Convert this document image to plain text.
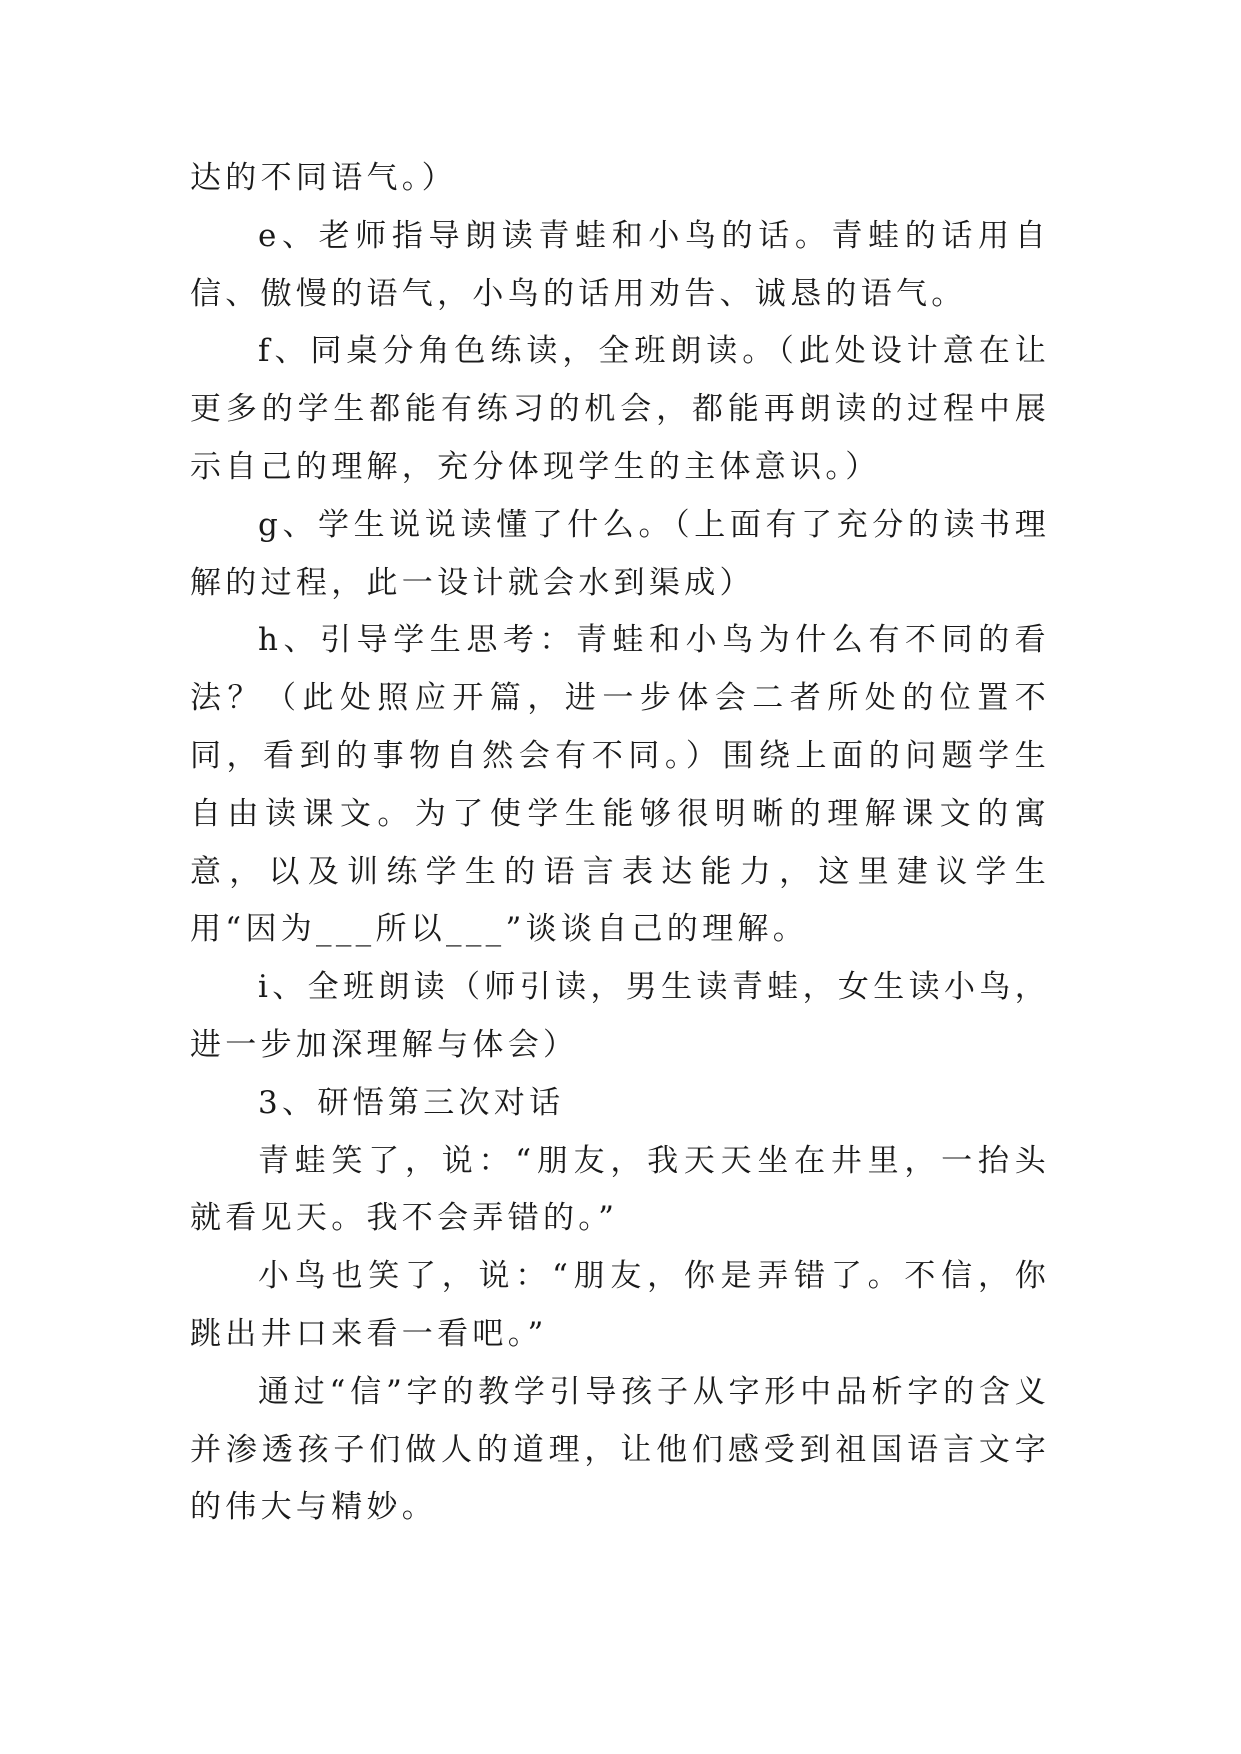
达的不同语气。）

e、老师指导朗读青蛙和小鸟的话。青蛙的话用自信、傲慢的语气，小鸟的话用劝告、诚恳的语气。

f、同桌分角色练读，全班朗读。（此处设计意在让更多的学生都能有练习的机会，都能再朗读的过程中展示自己的理解，充分体现学生的主体意识。）

g、学生说说读懂了什么。（上面有了充分的读书理解的过程，此一设计就会水到渠成）

h、引导学生思考：青蛙和小鸟为什么有不同的看法？（此处照应开篇，进一步体会二者所处的位置不同，看到的事物自然会有不同。）围绕上面的问题学生自由读课文。为了使学生能够很明晰的理解课文的寓意，以及训练学生的语言表达能力，这里建议学生用“因为___所以___”谈谈自己的理解。

i、全班朗读（师引读，男生读青蛙，女生读小鸟，进一步加深理解与体会）

3、研悟第三次对话

青蛙笑了，说：“朋友，我天天坐在井里，一抬头就看见天。我不会弄错的。”

小鸟也笑了，说：“朋友，你是弄错了。不信，你跳出井口来看一看吧。”

通过“信”字的教学引导孩子从字形中品析字的含义并渗透孩子们做人的道理，让他们感受到祖国语言文字的伟大与精妙。
